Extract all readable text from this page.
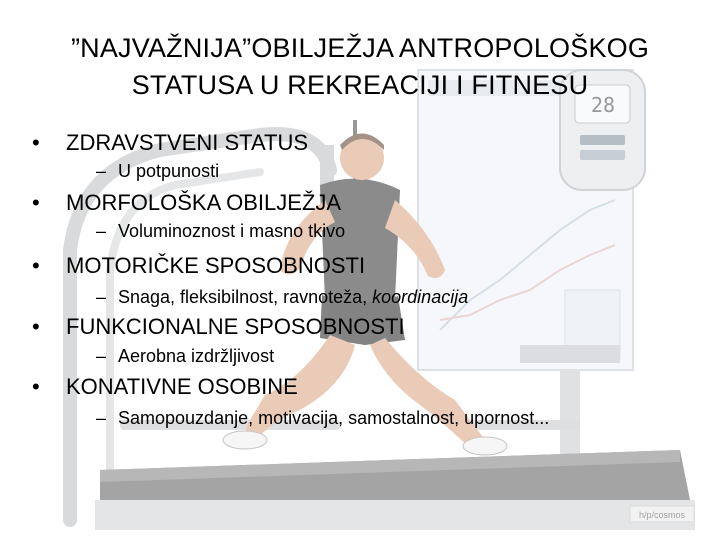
28
h/p/cosmos
”NAJVAŽNIJA”OBILJEŽJA ANTROPOLOŠKOG
STATUSA U REKREACIJI I FITNESU
• ZDRAVSTVENI STATUS
– U potpunosti
• MORFOLOŠKA OBILJEŽJA
– Voluminoznost i masno tkivo
• MOTORIČKE SPOSOBNOSTI
– Snaga, fleksibilnost, ravnoteža, koordinacija
• FUNKCIONALNE SPOSOBNOSTI
– Aerobna izdržljivost
• KONATIVNE OSOBINE
– Samopouzdanje, motivacija, samostalnost, upornost...
